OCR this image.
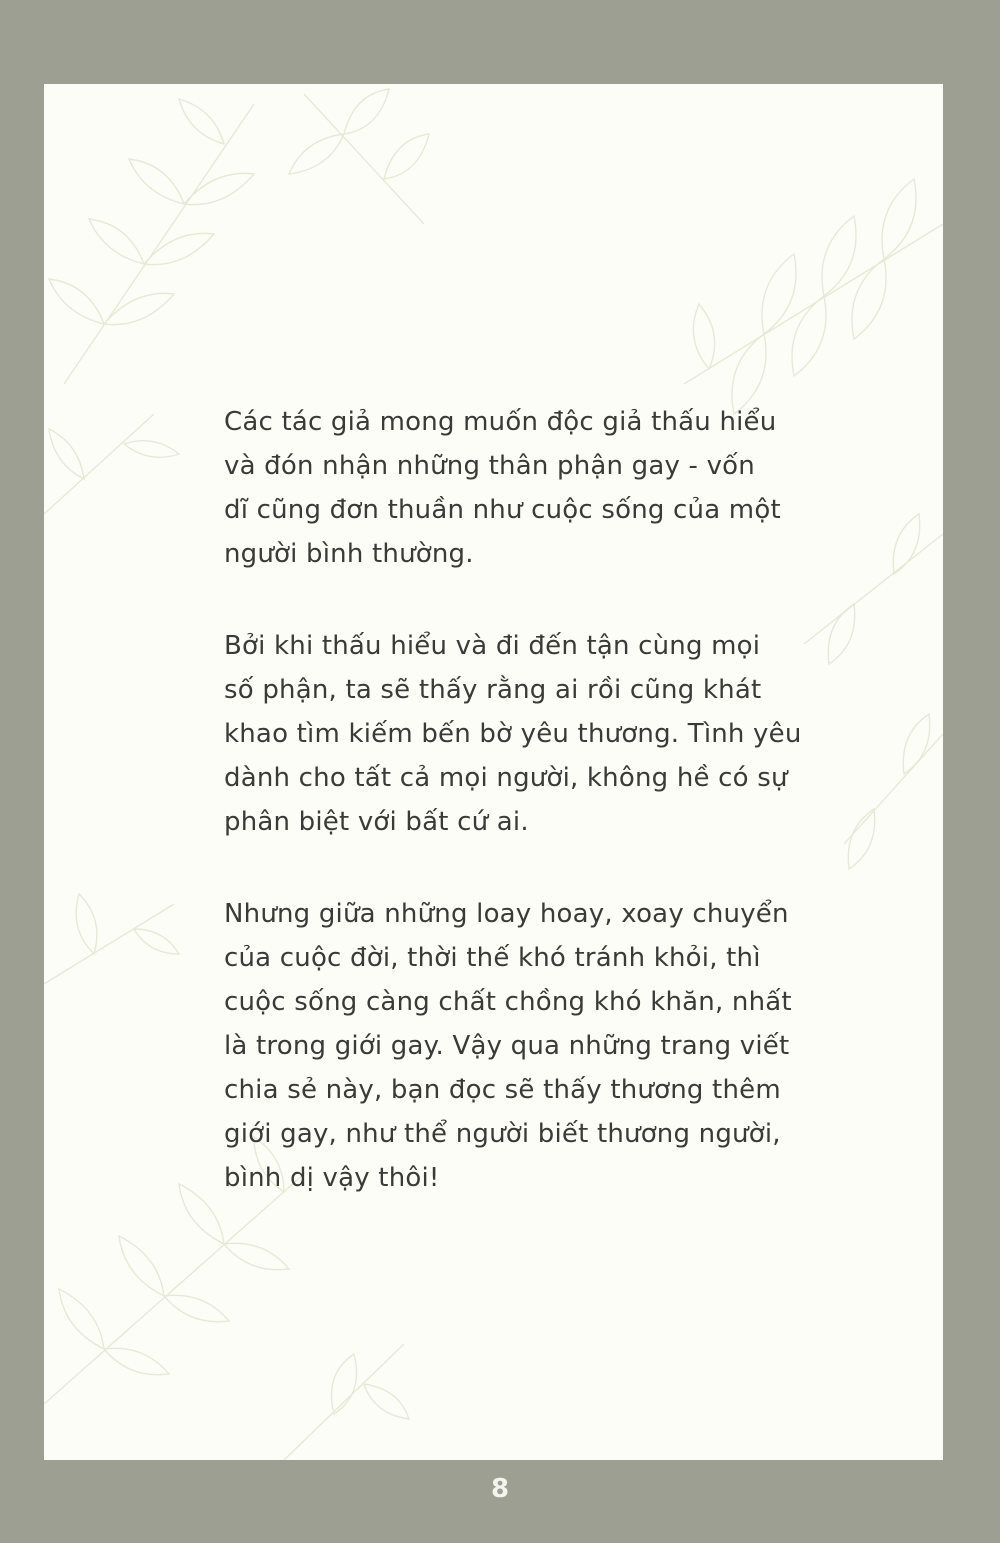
Các tác giả mong muốn độc giả thấu hiểu
và đón nhận những thân phận gay - vốn
dĩ cũng đơn thuần như cuộc sống của một
người bình thường.

Bởi khi thấu hiểu và đi đến tận cùng mọi
số phận, ta sẽ thấy rằng ai rồi cũng khát
khao tìm kiếm bến bờ yêu thương. Tình yêu
dành cho tất cả mọi người, không hề có sự
phân biệt với bất cứ ai.

Nhưng giữa những loay hoay, xoay chuyển
của cuộc đời, thời thế khó tránh khỏi, thì
cuộc sống càng chất chồng khó khăn, nhất
là trong giới gay. Vậy qua những trang viết
chia sẻ này, bạn đọc sẽ thấy thương thêm
giới gay, như thể người biết thương người,
bình dị vậy thôi!

8
